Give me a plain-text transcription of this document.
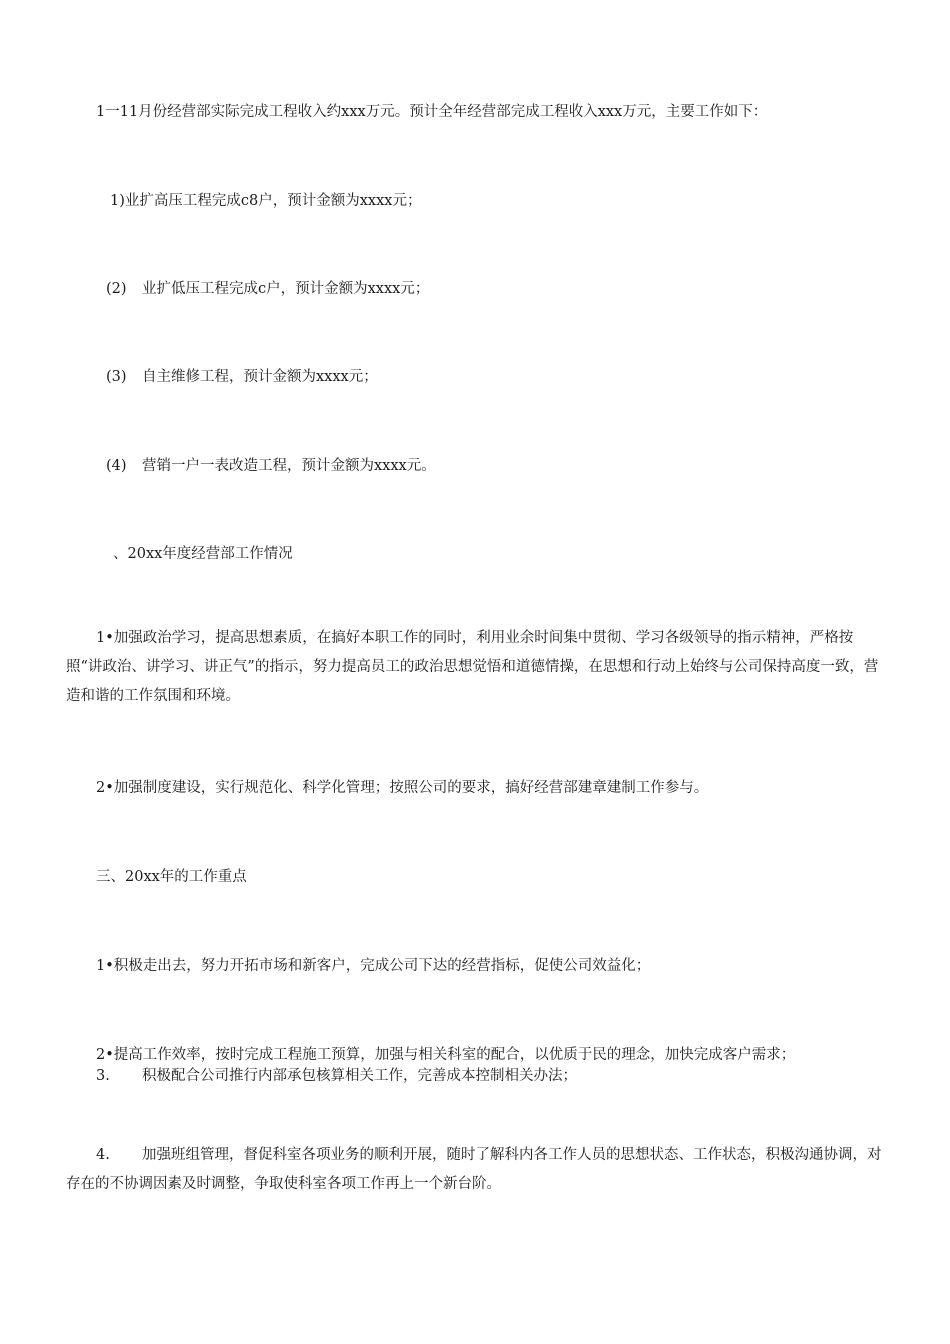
1一11月份经营部实际完成工程收入约xxx万元。预计全年经营部完成工程收入xxx万元，主要工作如下：
1)业扩高压工程完成c8户，预计金额为xxxx元；
(2) 业扩低压工程完成c户，预计金额为xxxx元；
(3) 自主维修工程，预计金额为xxxx元；
(4) 营销一户一表改造工程，预计金额为xxxx元。
、20xx年度经营部工作情况
1•加强政治学习，提高思想素质，在搞好本职工作的同时，利用业余时间集中贯彻、学习各级领导的指示精神，严格按照“讲政治、讲学习、讲正气”的指示，努力提高员工的政治思想觉悟和道德情操，在思想和行动上始终与公司保持高度一致，营造和谐的工作氛围和环境。
2•加强制度建设，实行规范化、科学化管理；按照公司的要求，搞好经营部建章建制工作参与。
三、20xx年的工作重点
1•积极走出去，努力开拓市场和新客户，完成公司下达的经营指标，促使公司效益化；
2•提高工作效率，按时完成工程施工预算，加强与相关科室的配合，以优质于民的理念，加快完成客户需求；
3. 积极配合公司推行内部承包核算相关工作，完善成本控制相关办法；
4. 加强班组管理，督促科室各项业务的顺利开展，随时了解科内各工作人员的思想状态、工作状态，积极沟通协调，对存在的不协调因素及时调整，争取使科室各项工作再上一个新台阶。
